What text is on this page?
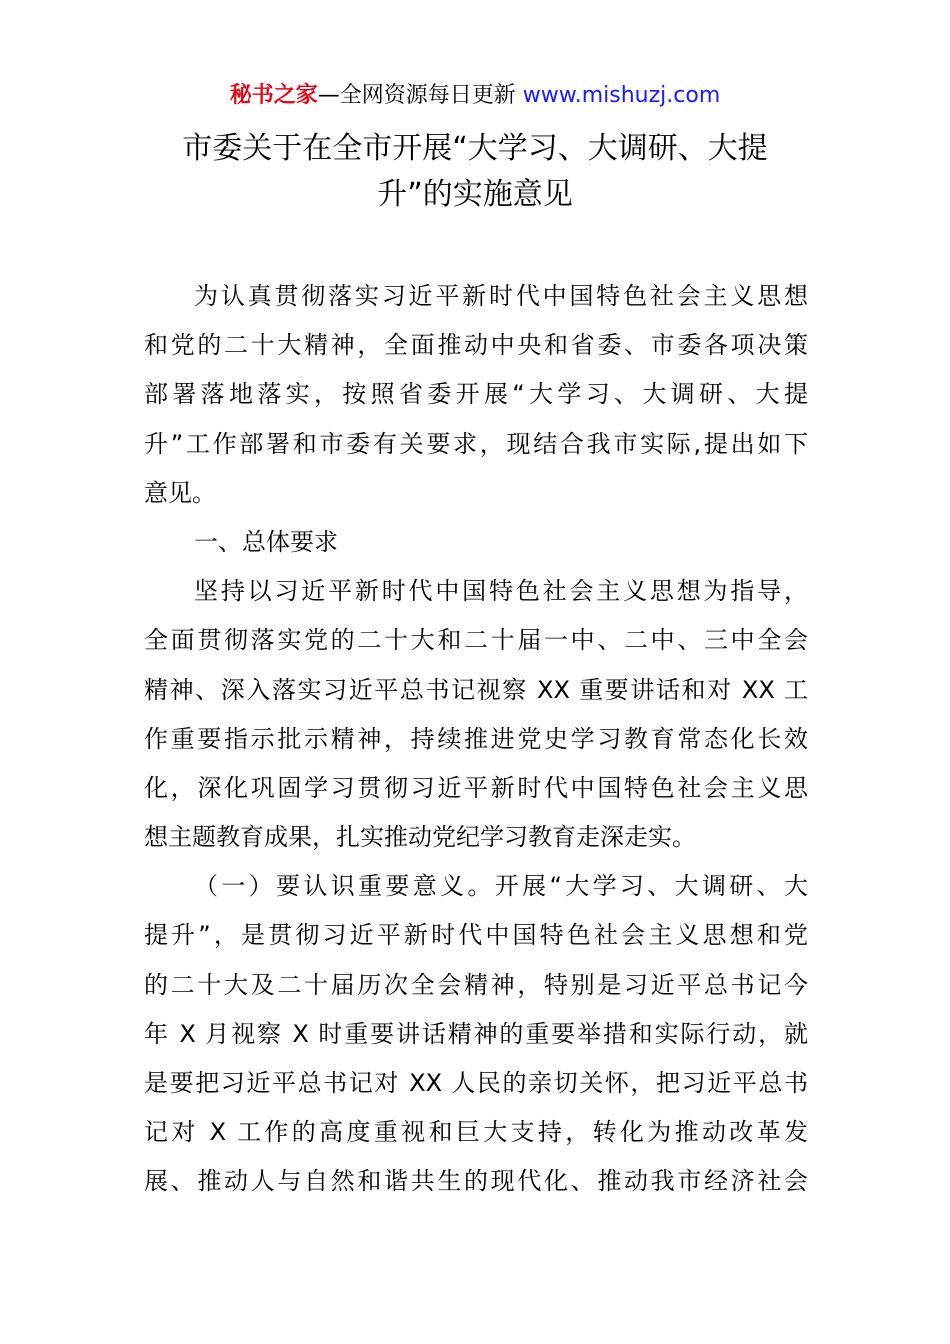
秘书之家—全网资源每日更新 www.mishuzj.com
市委关于在全市开展“大学习、大调研、大提
升”的实施意见
为认真贯彻落实习近平新时代中国特色社会主义思想
和党的二十大精神，全面推动中央和省委、市委各项决策
部署落地落实，按照省委开展“大学习、大调研、大提
升”工作部署和市委有关要求，现结合我市实际,提出如下
意见。
一、总体要求
坚持以习近平新时代中国特色社会主义思想为指导，
全面贯彻落实党的二十大和二十届一中、二中、三中全会
精神、深入落实习近平总书记视察 XX 重要讲话和对 XX 工
作重要指示批示精神，持续推进党史学习教育常态化长效
化，深化巩固学习贯彻习近平新时代中国特色社会主义思
想主题教育成果，扎实推动党纪学习教育走深走实。
（一）要认识重要意义。开展“大学习、大调研、大
提升”，是贯彻习近平新时代中国特色社会主义思想和党
的二十大及二十届历次全会精神，特别是习近平总书记今
年 X 月视察 X 时重要讲话精神的重要举措和实际行动，就
是要把习近平总书记对 XX 人民的亲切关怀，把习近平总书
记对 X 工作的高度重视和巨大支持，转化为推动改革发
展、推动人与自然和谐共生的现代化、推动我市经济社会
